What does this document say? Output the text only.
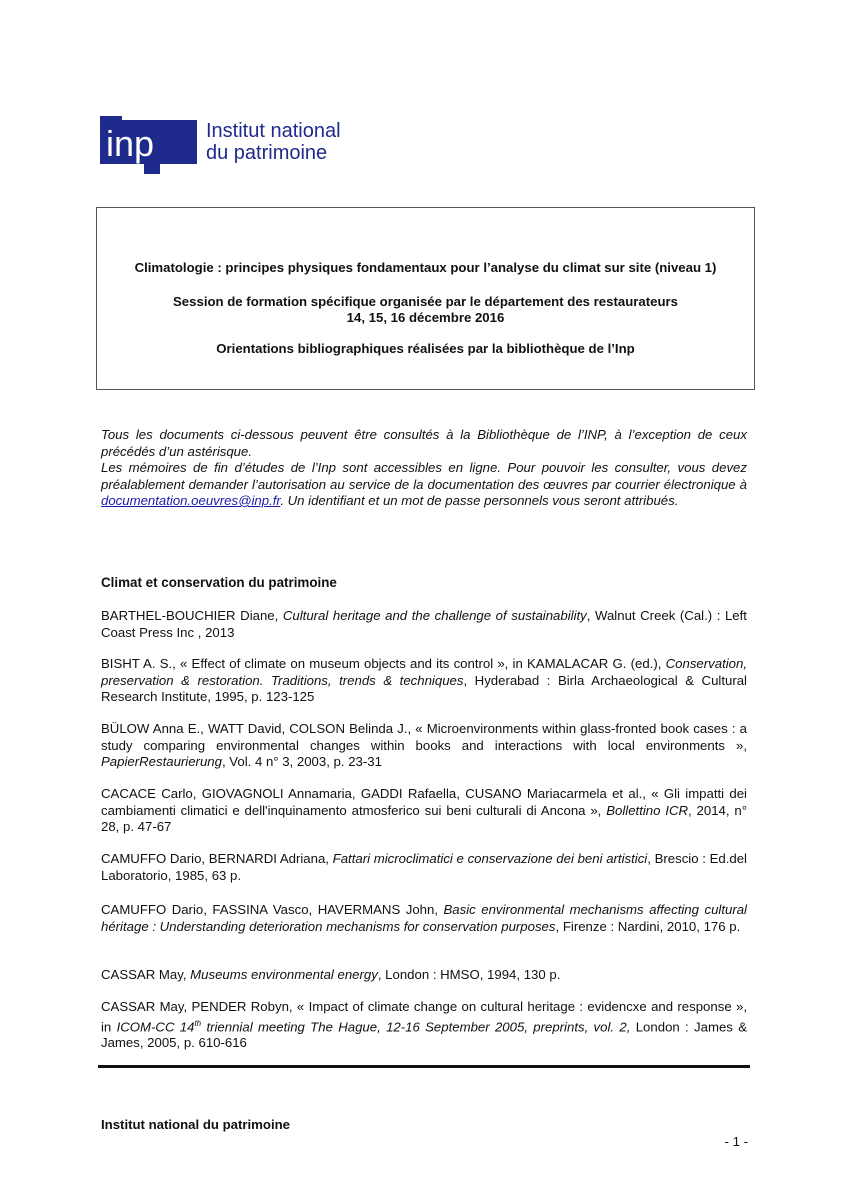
inp	Institut national
du patrimoine
Climatologie : principes physiques fondamentaux pour l’analyse du climat sur site (niveau 1)
Session de formation spécifique organisée par le département des restaurateurs
14, 15, 16 décembre 2016
Orientations bibliographiques réalisées par la bibliothèque de l’Inp
Tous les documents ci-dessous peuvent être consultés à la Bibliothèque de l’INP, à l’exception de ceux précédés d’un astérisque.
Les mémoires de fin d’études de l’Inp sont accessibles en ligne. Pour pouvoir les consulter, vous devez préalablement demander l’autorisation au service de la documentation des œuvres par courrier électronique à documentation.oeuvres@inp.fr. Un identifiant et un mot de passe personnels vous seront attribués.
Climat et conservation du patrimoine
BARTHEL-BOUCHIER Diane, Cultural heritage and the challenge of sustainability, Walnut Creek (Cal.) : Left Coast Press Inc , 2013
BISHT A. S., « Effect of climate on museum objects and its control », in KAMALACAR G. (ed.), Conservation, preservation & restoration. Traditions, trends & techniques, Hyderabad : Birla Archaeological & Cultural Research Institute, 1995, p. 123-125
BÜLOW Anna E., WATT David, COLSON Belinda J., « Microenvironments within glass-fronted book cases : a study comparing environmental changes within books and interactions with local environments », PapierRestaurierung, Vol. 4 n° 3, 2003, p. 23-31
CACACE Carlo, GIOVAGNOLI Annamaria, GADDI Rafaella, CUSANO Mariacarmela et al., « Gli impatti dei cambiamenti climatici e dell'inquinamento atmosferico sui beni culturali di Ancona », Bollettino ICR, 2014, n° 28, p. 47-67
CAMUFFO Dario, BERNARDI Adriana, Fattari microclimatici e conservazione dei beni artistici, Brescio : Ed.del Laboratorio, 1985, 63 p.
CAMUFFO Dario, FASSINA Vasco, HAVERMANS John, Basic environmental mechanisms affecting cultural héritage : Understanding deterioration mechanisms for conservation purposes, Firenze : Nardini, 2010, 176 p.
CASSAR May, Museums environmental energy, London : HMSO, 1994, 130 p.
CASSAR May, PENDER Robyn, « Impact of climate change on cultural heritage : evidencxe and response », in ICOM-CC 14th triennial meeting The Hague, 12-16 September 2005, preprints, vol. 2, London : James & James, 2005, p. 610-616
Institut national du patrimoine
- 1 -
